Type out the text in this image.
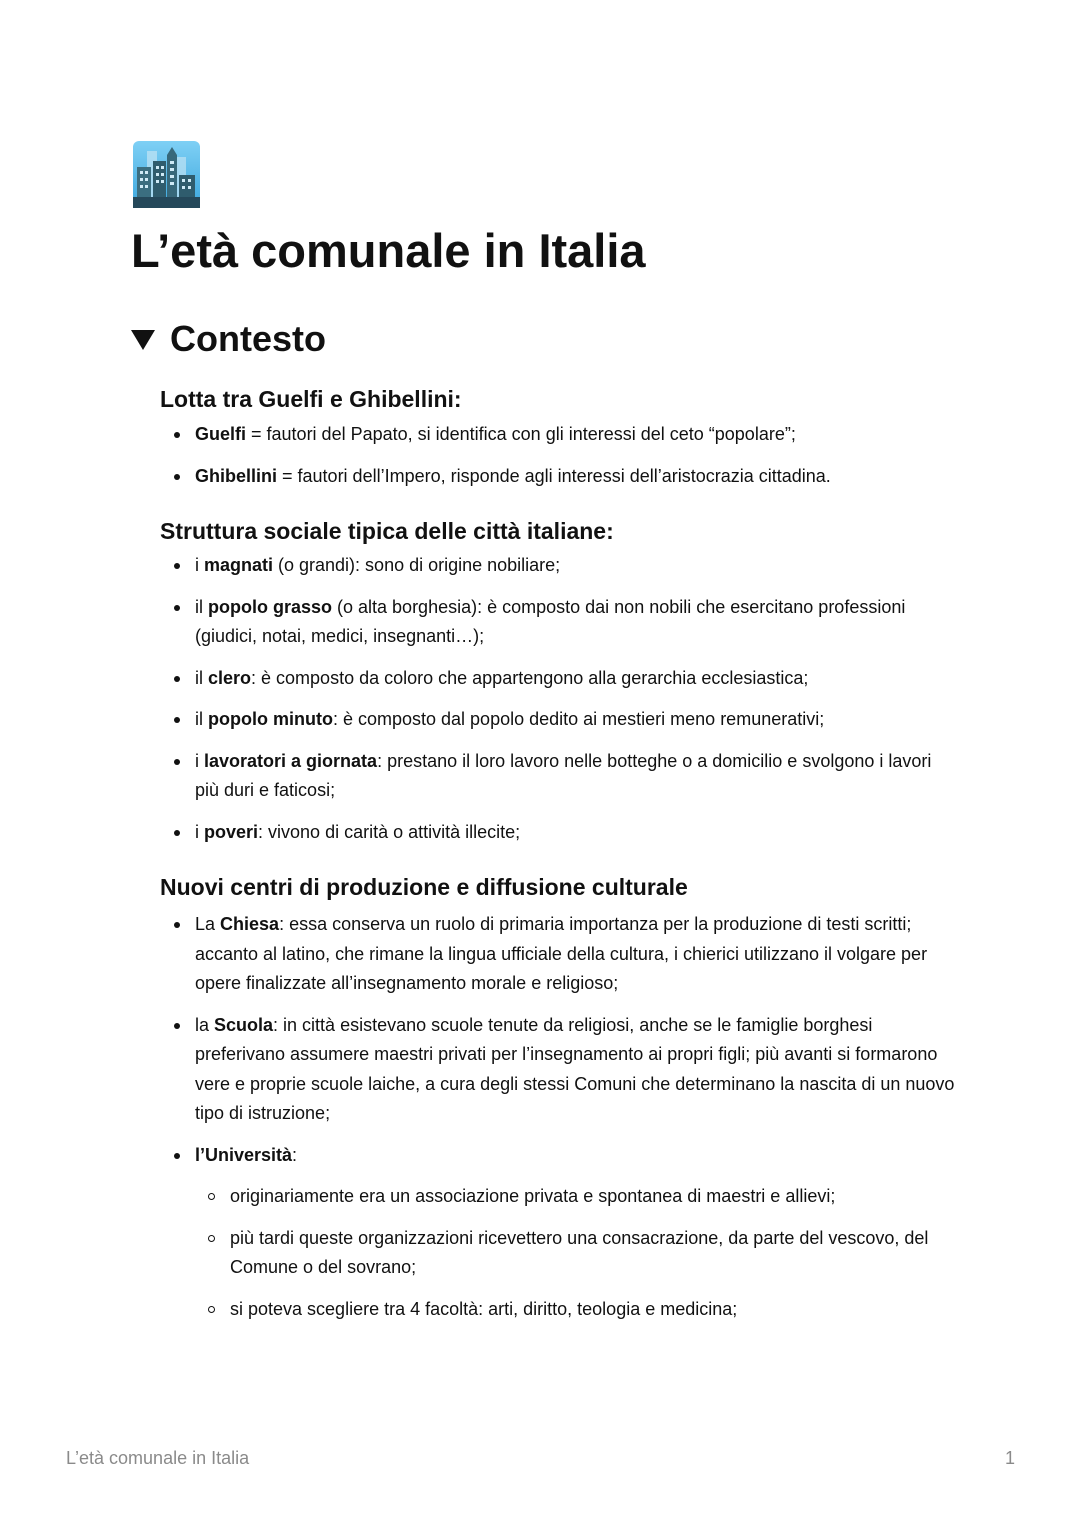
L’età comunale in Italia
Contesto
Lotta tra Guelfi e Ghibellini:
Guelfi = fautori del Papato, si identifica con gli interessi del ceto “popolare”;
Ghibellini = fautori dell’Impero, risponde agli interessi dell’aristocrazia cittadina.
Struttura sociale tipica delle città italiane:
i magnati (o grandi): sono di origine nobiliare;
il popolo grasso (o alta borghesia): è composto dai non nobili che esercitano professioni (giudici, notai, medici, insegnanti…);
il clero: è composto da coloro che appartengono alla gerarchia ecclesiastica;
il popolo minuto: è composto dal popolo dedito ai mestieri meno remunerativi;
i lavoratori a giornata: prestano il loro lavoro nelle botteghe o a domicilio e svolgono i lavori più duri e faticosi;
i poveri: vivono di carità o attività illecite;
Nuovi centri di produzione e diffusione culturale
La Chiesa: essa conserva un ruolo di primaria importanza per la produzione di testi scritti; accanto al latino, che rimane la lingua ufficiale della cultura, i chierici utilizzano il volgare per opere finalizzate all’insegnamento morale e religioso;
la Scuola: in città esistevano scuole tenute da religiosi, anche se le famiglie borghesi preferivano assumere maestri privati per l’insegnamento ai propri figli; più avanti si formarono vere e proprie scuole laiche, a cura degli stessi Comuni che determinano la nascita di un nuovo tipo di istruzione;
l’Università:
originariamente era un associazione privata e spontanea di maestri e allievi;
più tardi queste organizzazioni ricevettero una consacrazione, da parte del vescovo, del Comune o del sovrano;
si poteva scegliere tra 4 facoltà: arti, diritto, teologia e medicina;
L’età comunale in Italia	1
